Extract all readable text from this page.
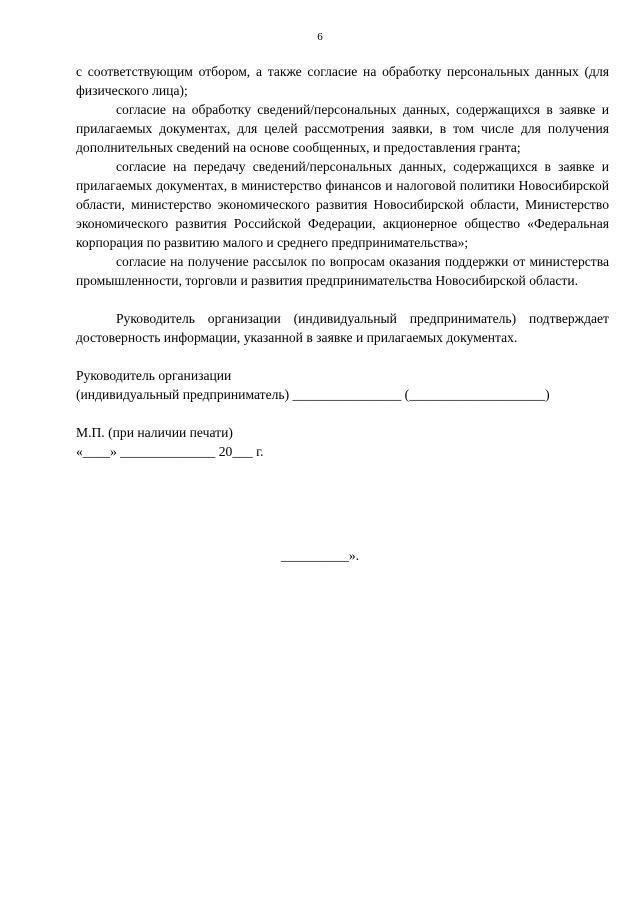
6

с соответствующим отбором, а также согласие на обработку персональных данных (для физического лица);

согласие на обработку сведений/персональных данных, содержащихся в заявке и прилагаемых документах, для целей рассмотрения заявки, в том числе для получения дополнительных сведений на основе сообщенных, и предоставления гранта;

согласие на передачу сведений/персональных данных, содержащихся в заявке и прилагаемых документах, в министерство финансов и налоговой политики Новосибирской области, министерство экономического развития Новосибирской области, Министерство экономического развития Российской Федерации, акционерное общество «Федеральная корпорация по развитию малого и среднего предпринимательства»;

согласие на получение рассылок по вопросам оказания поддержки от министерства промышленности, торговли и развития предпринимательства Новосибирской области.

Руководитель организации (индивидуальный предприниматель) подтверждает достоверность информации, указанной в заявке и прилагаемых документах.

Руководитель организации

(индивидуальный предприниматель) ________________ (____________________)

М.П. (при наличии печати)

«____» ______________ 20___ г.

__________».
